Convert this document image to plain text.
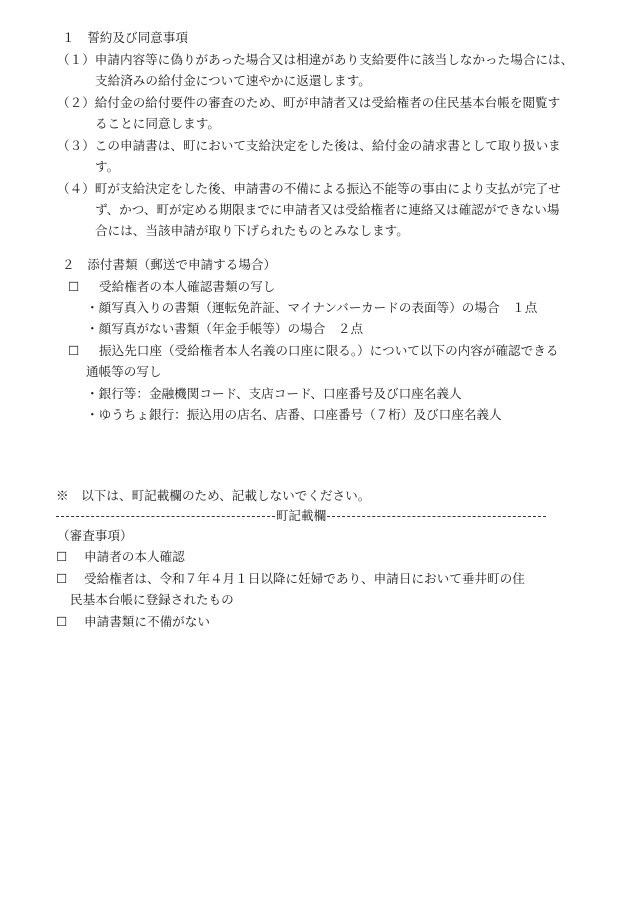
１　誓約及び同意事項
（１）申請内容等に偽りがあった場合又は相違があり支給要件に該当しなかった場合には、
支給済みの給付金について速やかに返還します。
（２）給付金の給付要件の審査のため、町が申請者又は受給権者の住民基本台帳を閲覧す
ることに同意します。
（３）この申請書は、町において支給決定をした後は、給付金の請求書として取り扱いま
す。
（４）町が支給決定をした後、申請書の不備による振込不能等の事由により支払が完了せ
ず、かつ、町が定める期限までに申請者又は受給権者に連絡又は確認ができない場
合には、当該申請が取り下げられたものとみなします。
２　添付書類（郵送で申請する場合）
☐ 受給権者の本人確認書類の写し
・顔写真入りの書類（運転免許証、マイナンバーカードの表面等）の場合　１点
・顔写真がない書類（年金手帳等）の場合　２点
☐ 振込先口座（受給権者本人名義の口座に限る。）について以下の内容が確認できる
通帳等の写し
・銀行等：金融機関コード、支店コード、口座番号及び口座名義人
・ゆうちょ銀行：振込用の店名、店番、口座番号（７桁）及び口座名義人
※　以下は、町記載欄のため、記載しないでください。
町記載欄
（審査事項）
☐ 申請者の本人確認
☐ 受給権者は、令和７年４月１日以降に妊婦であり、申請日において垂井町の住
民基本台帳に登録されたもの
☐ 申請書類に不備がない
